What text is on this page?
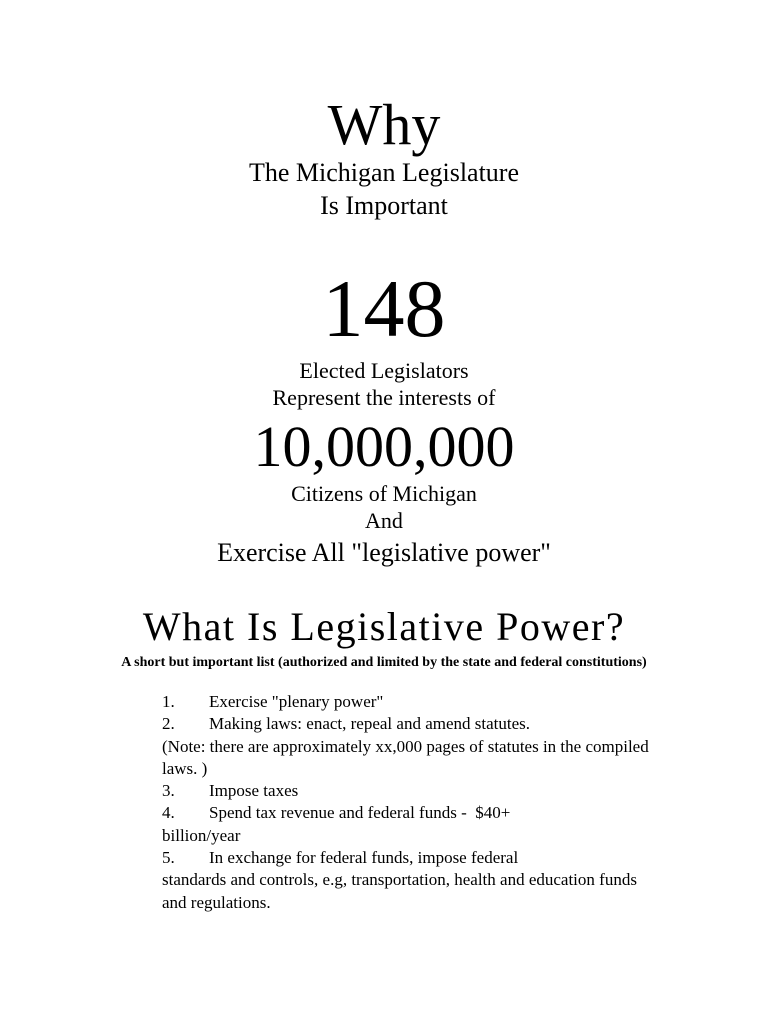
Why
The Michigan Legislature
Is Important
148
Elected Legislators
Represent the interests of
10,000,000
Citizens of Michigan
And
Exercise All "legislative power"
What Is Legislative Power?
A short but important list (authorized and limited by the state and federal constitutions)
1. Exercise "plenary power"
2. Making laws: enact, repeal and amend statutes.
(Note: there are approximately xx,000 pages of statutes in the compiled laws. )
3. Impose taxes
4. Spend tax revenue and federal funds -  $40+
billion/year
5. In exchange for federal funds, impose federal
standards and controls, e.g, transportation, health and education funds and regulations.
